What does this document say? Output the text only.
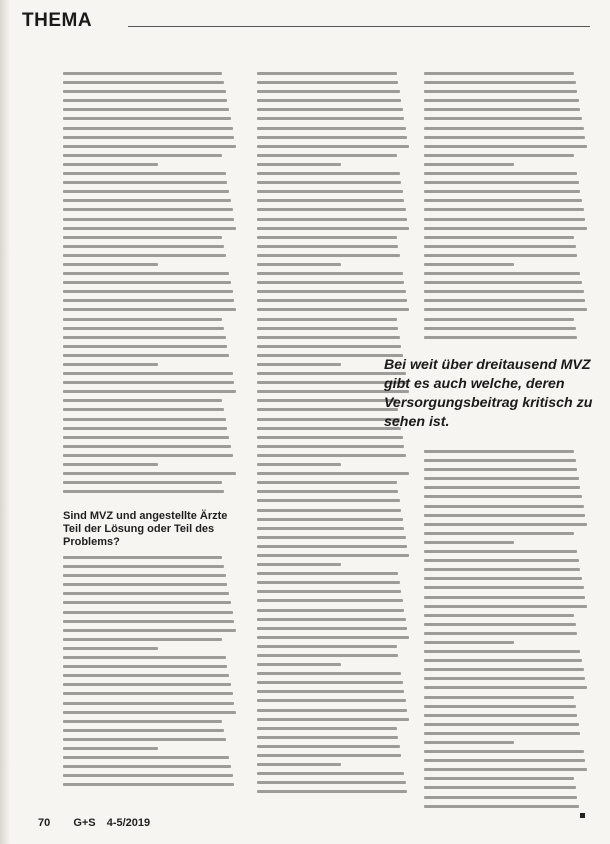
THEMA
Sind MVZ und angestellte Ärzte Teil der Lösung oder Teil des Problems?

Bei weit über dreitausend MVZ gibt es auch welche, deren Versorgungsbeitrag kritisch zu sehen ist.

70 G+S 4-5/2019
